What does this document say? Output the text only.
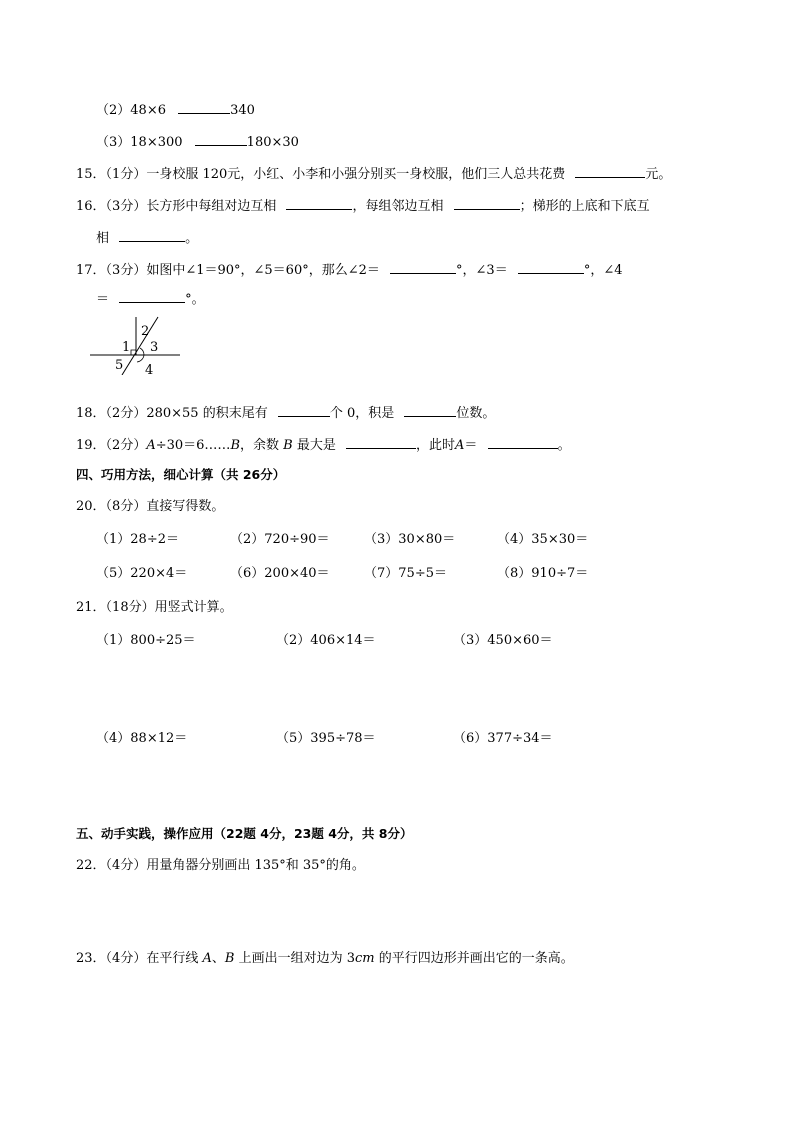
（2）48×6	340
（3）18×300	180×30
15．（1分）一身校服 120元，小红、小李和小强分别买一身校服，他们三人总共花费	元。
16．（3分）长方形中每组对边互相	，每组邻边互相	；梯形的上底和下底互
相	。
17．（3分）如图中∠1＝90°，∠5＝60°，那么∠2＝	°，∠3＝	°，∠4
＝	°。
1
2
3
4
5
18．（2分）280×55 的积末尾有	个 0，积是	位数。
19．（2分）A÷30＝6……B，余数 B 最大是	，此时A＝	。
四、巧用方法，细心计算（共 26分）
20．（8分）直接写得数。
（1）28÷2＝	（2）720÷90＝	（3）30×80＝	（4）35×30＝
（5）220×4＝	（6）200×40＝	（7）75÷5＝	（8）910÷7＝
21．（18分）用竖式计算。
（1）800÷25＝	（2）406×14＝	（3）450×60＝
（4）88×12＝	（5）395÷78＝	（6）377÷34＝
五、动手实践，操作应用（22题 4分，23题 4分，共 8分）
22．（4分）用量角器分别画出 135°和 35°的角。
23．（4分）在平行线 A、B 上画出一组对边为 3cm 的平行四边形并画出它的一条高。
